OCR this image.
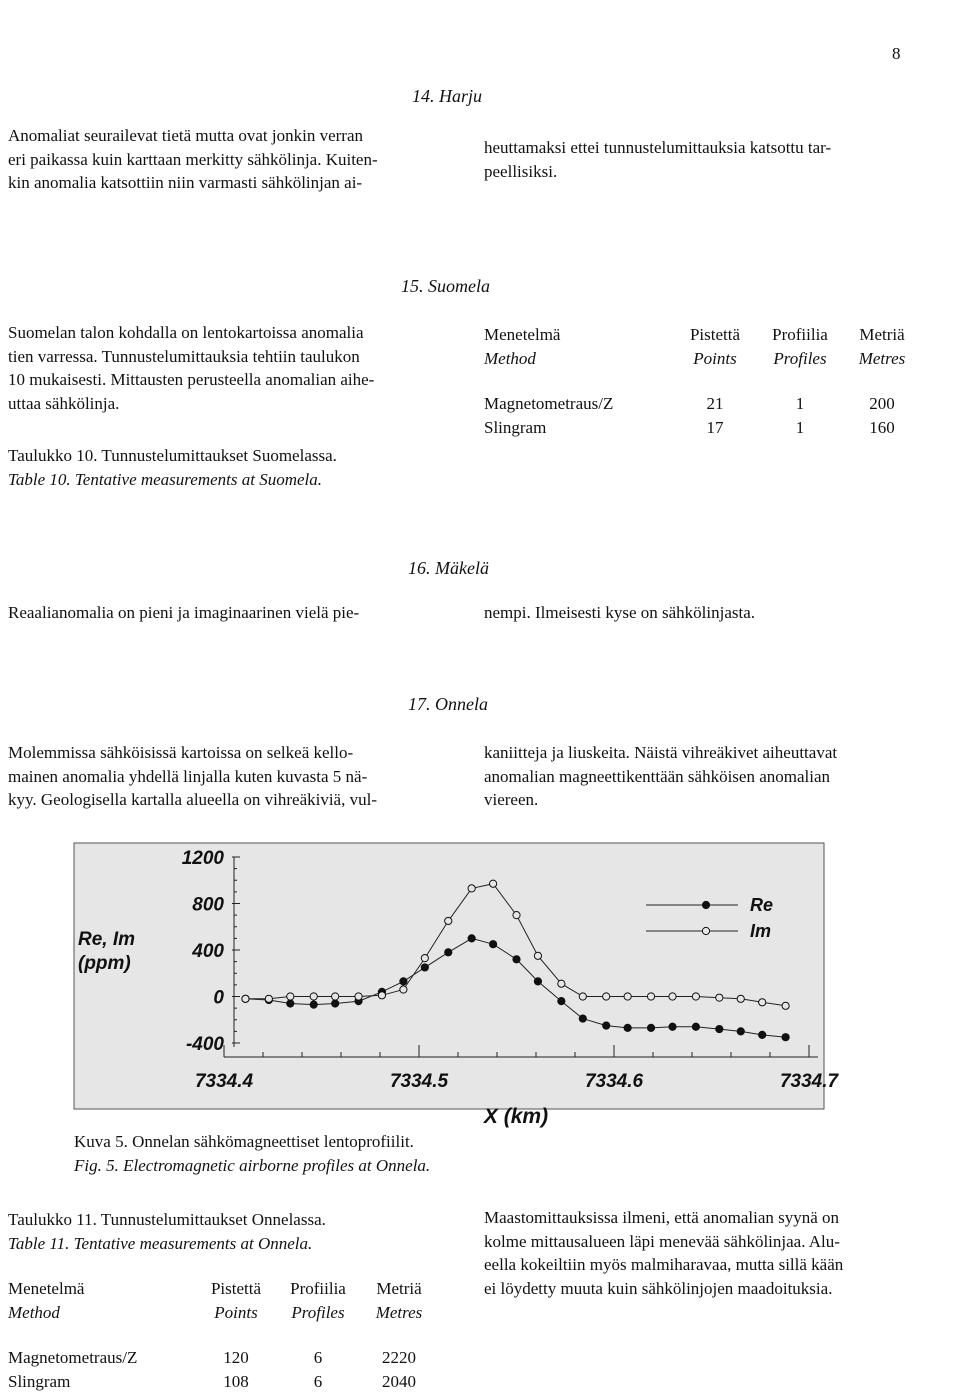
8
14. Harju

Anomaliat seurailevat tietä mutta ovat jonkin verran

eri paikassa kuin karttaan merkitty sähkölinja. Kuiten-

kin anomalia katsottiin niin varmasti sähkölinjan ai-

heuttamaksi ettei tunnustelumittauksia katsottu tar-

peellisiksi.

15. Suomela

Suomelan talon kohdalla on lentokartoissa anomalia

tien varressa. Tunnustelumittauksia tehtiin taulukon

10 mukaisesti. Mittausten perusteella anomalian aihe-

uttaa sähkölinja.

Taulukko 10. Tunnustelumittaukset Suomelassa.

Table 10. Tentative measurements at Suomela.

Menetelmä	Pistettä	Profiilia	Metriä
Method	Points	Profiles	Metres

Magnetometraus/Z	21	1	200
Slingram	17	1	160
16. Mäkelä

Reaalianomalia on pieni ja imaginaarinen vielä pie-	nempi. Ilmeisesti kyse on sähkölinjasta.

17. Onnela

Molemmissa sähköisissä kartoissa on selkeä kello-

mainen anomalia yhdellä linjalla kuten kuvasta 5 nä-

kyy. Geologisella kartalla alueella on vihreäkiviä, vul-

kaniitteja ja liuskeita. Näistä vihreäkivet aiheuttavat

anomalian magneettikenttään sähköisen anomalian

viereen.

1200
800
400
0
-400
Re, Im
(ppm)
7334.4	7334.5	7334.6	7334.7
X (km)
Re
Im

Kuva 5. Onnelan sähkömagneettiset lentoprofiilit.

Fig. 5. Electromagnetic airborne profiles at Onnela.

Taulukko 11. Tunnustelumittaukset Onnelassa.

Table 11. Tentative measurements at Onnela.

Menetelmä	Pistettä	Profiilia	Metriä
Method	Points	Profiles	Metres

Magnetometraus/Z	120	6	2220
Slingram	108	6	2040

Maastomittauksissa ilmeni, että anomalian syynä on

kolme mittausalueen läpi menevää sähkölinjaa. Alu-

eella kokeiltiin myös malmiharavaa, mutta sillä kään

ei löydetty muuta kuin sähkölinjojen maadoituksia.
